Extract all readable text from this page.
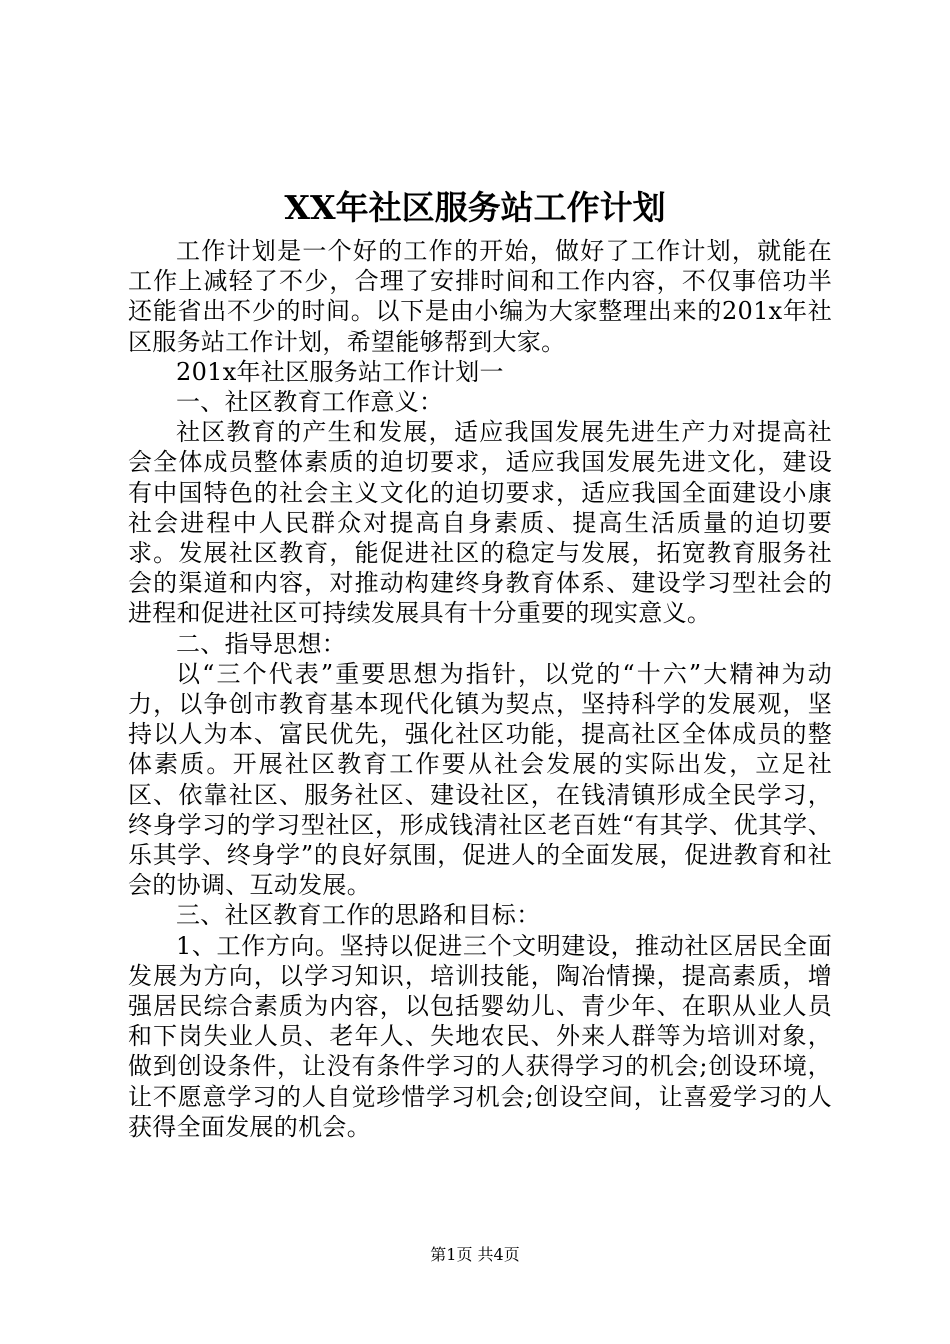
XX年社区服务站工作计划

工作计划是一个好的工作的开始，做好了工作计划，就能在工作上减轻了不少，合理了安排时间和工作内容，不仅事倍功半还能省出不少的时间。以下是由小编为大家整理出来的201x年社区服务站工作计划，希望能够帮到大家。

201x年社区服务站工作计划一

一、社区教育工作意义：

社区教育的产生和发展，适应我国发展先进生产力对提高社会全体成员整体素质的迫切要求，适应我国发展先进文化，建设有中国特色的社会主义文化的迫切要求，适应我国全面建设小康社会进程中人民群众对提高自身素质、提高生活质量的迫切要求。发展社区教育，能促进社区的稳定与发展，拓宽教育服务社会的渠道和内容，对推动构建终身教育体系、建设学习型社会的进程和促进社区可持续发展具有十分重要的现实意义。

二、指导思想：

以“三个代表”重要思想为指针，以党的“十六”大精神为动力，以争创市教育基本现代化镇为契点，坚持科学的发展观，坚持以人为本、富民优先，强化社区功能，提高社区全体成员的整体素质。开展社区教育工作要从社会发展的实际出发，立足社区、依靠社区、服务社区、建设社区，在钱清镇形成全民学习，终身学习的学习型社区，形成钱清社区老百姓“有其学、优其学、乐其学、终身学”的良好氛围，促进人的全面发展，促进教育和社会的协调、互动发展。

三、社区教育工作的思路和目标：

1、工作方向。坚持以促进三个文明建设，推动社区居民全面发展为方向，以学习知识，培训技能，陶冶情操，提高素质，增强居民综合素质为内容，以包括婴幼儿、青少年、在职从业人员和下岗失业人员、老年人、失地农民、外来人群等为培训对象，做到创设条件，让没有条件学习的人获得学习的机会;创设环境，让不愿意学习的人自觉珍惜学习机会;创设空间，让喜爱学习的人获得全面发展的机会。

第1页 共4页
